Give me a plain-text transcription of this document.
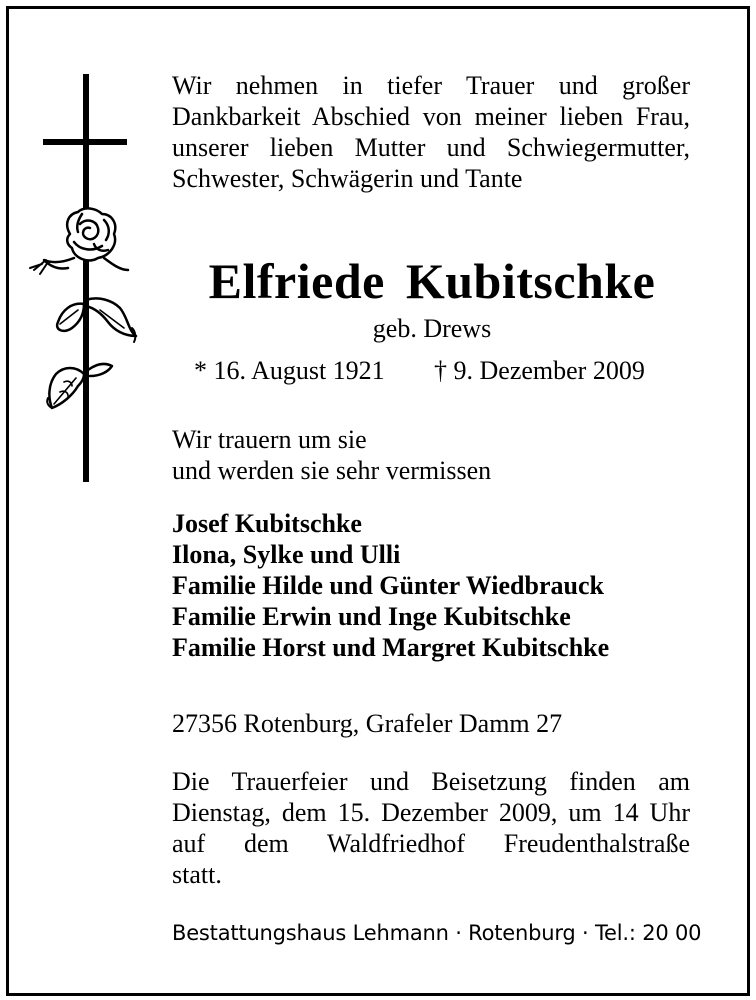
Wir nehmen in tiefer Trauer und großer
Dankbarkeit Abschied von meiner lieben Frau,
unserer lieben Mutter und Schwiegermutter,
Schwester, Schwägerin und Tante
Elfriede Kubitschke
geb. Drews
* 16. August 1921 † 9. Dezember 2009
Wir trauern um sie
und werden sie sehr vermissen
Josef Kubitschke
Ilona, Sylke und Ulli
Familie Hilde und Günter Wiedbrauck
Familie Erwin und Inge Kubitschke
Familie Horst und Margret Kubitschke
27356 Rotenburg, Grafeler Damm 27
Die Trauerfeier und Beisetzung finden am
Dienstag, dem 15. Dezember 2009, um 14 Uhr
auf dem Waldfriedhof Freudenthalstraße
statt.
Bestattungshaus Lehmann · Rotenburg · Tel.: 20 00
